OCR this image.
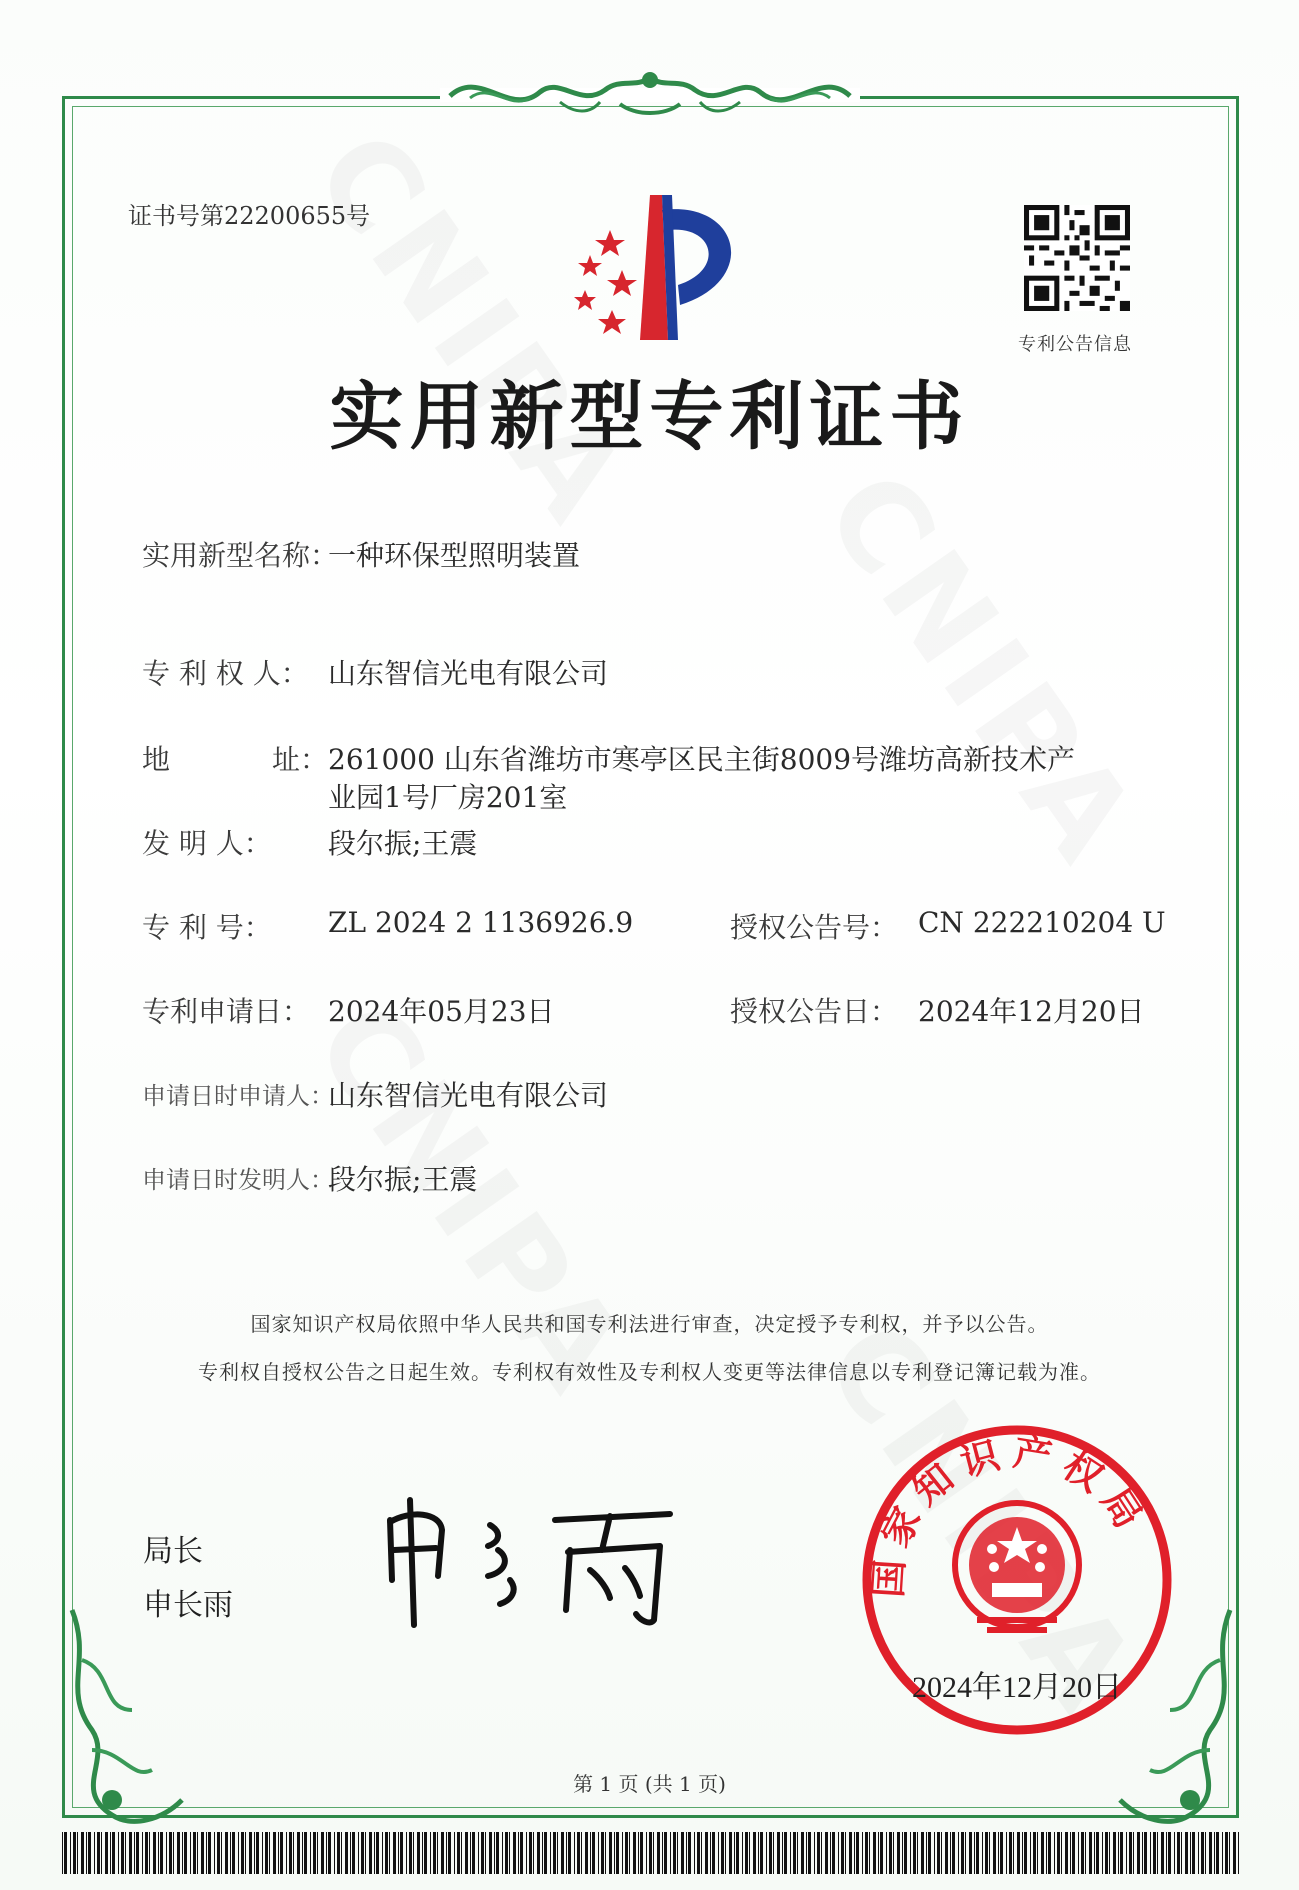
证书号第22200655号
专利公告信息
实用新型专利证书
实用新型名称：
一种环保型照明装置
专 利 权 人： 山东智信光电有限公司
地	址： 261000 山东省潍坊市寒亭区民主街8009号潍坊高新技术产
业园1号厂房201室
发 明 人： 段尔振;王震
专 利 号： ZL 2024 2 1136926.9	授权公告号： CN 222210204 U
专利申请日： 2024年05月23日	授权公告日： 2024年12月20日
申请日时申请人：
山东智信光电有限公司
申请日时发明人：
段尔振;王震
国家知识产权局依照中华人民共和国专利法进行审查，决定授予专利权，并予以公告。
专利权自授权公告之日起生效。专利权有效性及专利权人变更等法律信息以专利登记簿记载为准。
局长
申长雨
国家知识产权局
2024年12月20日
第 1 页 (共 1 页)
